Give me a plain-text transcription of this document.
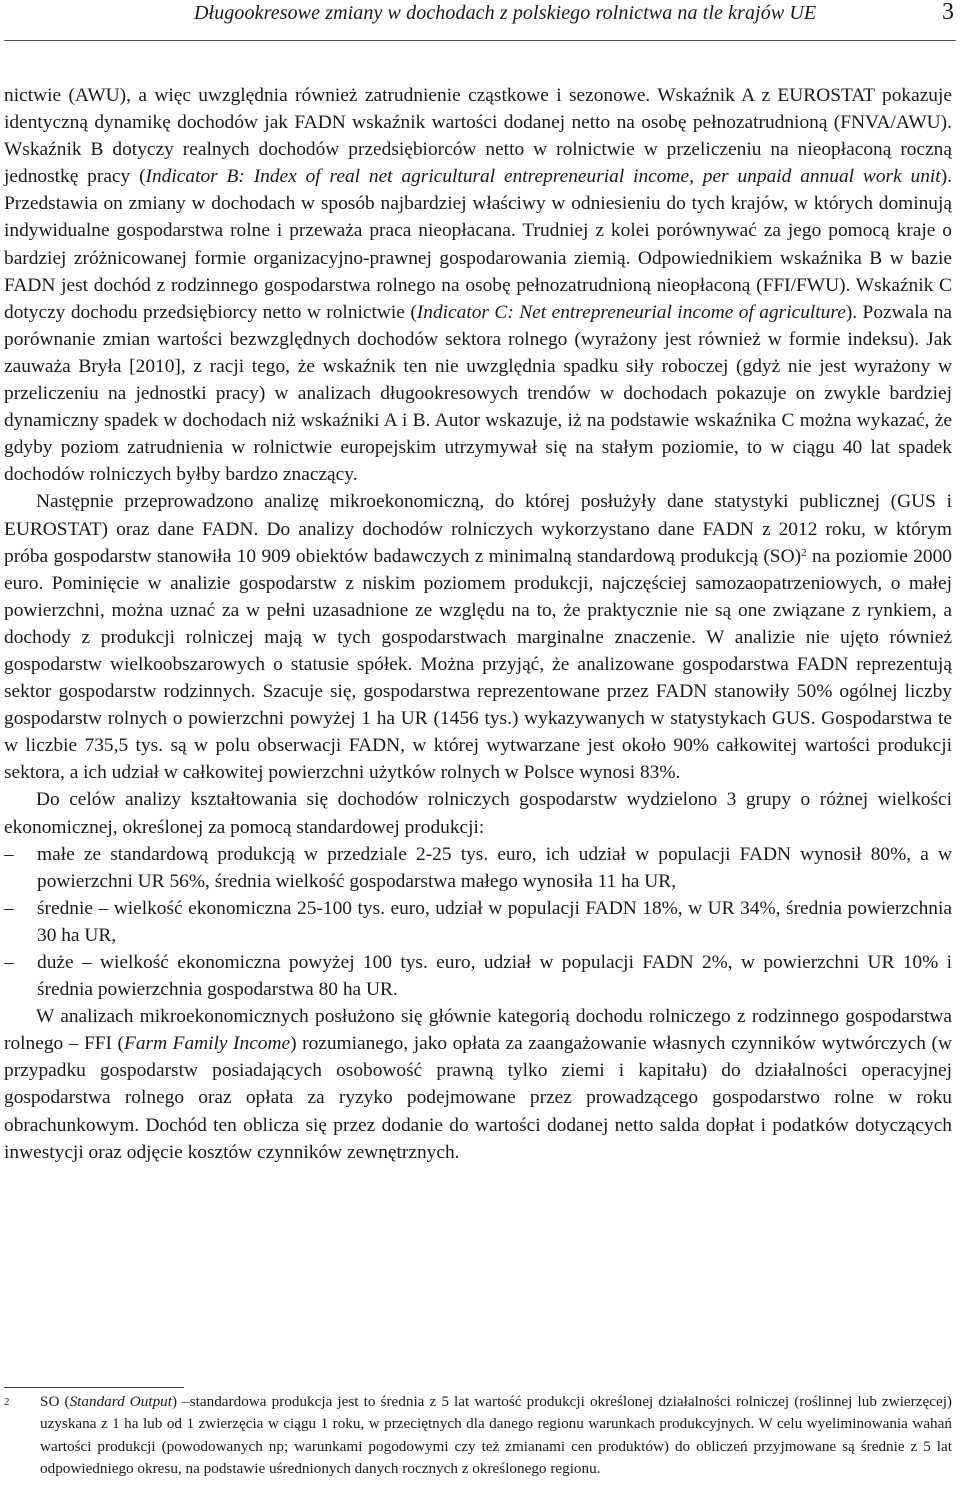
Długookresowe zmiany w dochodach z polskiego rolnictwa na tle krajów UE	3

nictwie (AWU), a więc uwzględnia również zatrudnienie cząstkowe i sezonowe. Wskaźnik A z EUROSTAT pokazuje identyczną dynamikę dochodów jak FADN wskaźnik wartości dodanej netto na osobę pełnozatrudnioną (FNVA/AWU). Wskaźnik B dotyczy realnych dochodów przedsiębiorców netto w rolnictwie w przeliczeniu na nieopłaconą roczną jednostkę pracy (Indicator B: Index of real net agricultural entrepreneurial income, per unpaid annual work unit). Przedstawia on zmiany w dochodach w sposób najbardziej właściwy w odniesieniu do tych krajów, w których dominują indywidualne gospodarstwa rolne i przeważa praca nieopłacana. Trudniej z kolei porównywać za jego pomocą kraje o bardziej zróżnicowanej formie organizacyjno-prawnej gospodarowania ziemią. Odpowiednikiem wskaźnika B w bazie FADN jest dochód z rodzinnego gospodarstwa rolnego na osobę pełnozatrudnioną nieopłaconą (FFI/FWU). Wskaźnik C dotyczy dochodu przedsiębiorcy netto w rolnictwie (Indicator C: Net entrepreneurial income of agriculture). Pozwala na porównanie zmian wartości bezwzględnych dochodów sektora rolnego (wyrażony jest również w formie indeksu). Jak zauważa Bryła [2010], z racji tego, że wskaźnik ten nie uwzględnia spadku siły roboczej (gdyż nie jest wyrażony w przeliczeniu na jednostki pracy) w analizach długookresowych trendów w dochodach pokazuje on zwykle bardziej dynamiczny spadek w dochodach niż wskaźniki A i B. Autor wskazuje, iż na podstawie wskaźnika C można wykazać, że gdyby poziom zatrudnienia w rolnictwie europejskim utrzymywał się na stałym poziomie, to w ciągu 40 lat spadek dochodów rolniczych byłby bardzo znaczący.

Następnie przeprowadzono analizę mikroekonomiczną, do której posłużyły dane statystyki publicznej (GUS i EUROSTAT) oraz dane FADN. Do analizy dochodów rolniczych wykorzystano dane FADN z 2012 roku, w którym próba gospodarstw stanowiła 10 909 obiektów badawczych z minimalną standardową produkcją (SO)$^2$ na poziomie 2000 euro. Pominięcie w analizie gospodarstw z niskim poziomem produkcji, najczęściej samozaopatrzeniowych, o małej powierzchni, można uznać za w pełni uzasadnione ze względu na to, że praktycznie nie są one związane z rynkiem, a dochody z produkcji rolniczej mają w tych gospodarstwach marginalne znaczenie. W analizie nie ujęto również gospodarstw wielkoobszarowych o statusie spółek. Można przyjąć, że analizowane gospodarstwa FADN reprezentują sektor gospodarstw rodzinnych. Szacuje się, gospodarstwa reprezentowane przez FADN stanowiły 50% ogólnej liczby gospodarstw rolnych o powierzchni powyżej 1 ha UR (1456 tys.) wykazywanych w statystykach GUS. Gospodarstwa te w liczbie 735,5 tys. są w polu obserwacji FADN, w której wytwarzane jest około 90% całkowitej wartości produkcji sektora, a ich udział w całkowitej powierzchni użytków rolnych w Polsce wynosi 83%.

Do celów analizy kształtowania się dochodów rolniczych gospodarstw wydzielono 3 grupy o różnej wielkości ekonomicznej, określonej za pomocą standardowej produkcji:

– małe ze standardową produkcją w przedziale 2-25 tys. euro, ich udział w populacji FADN wynosił 80%, a w powierzchni UR 56%, średnia wielkość gospodarstwa małego wynosiła 11 ha UR,
– średnie – wielkość ekonomiczna 25-100 tys. euro, udział w populacji FADN 18%, w UR 34%, średnia powierzchnia 30 ha UR,
– duże – wielkość ekonomiczna powyżej 100 tys. euro, udział w populacji FADN 2%, w powierzchni UR 10% i średnia powierzchnia gospodarstwa 80 ha UR.

W analizach mikroekonomicznych posłużono się głównie kategorią dochodu rolniczego z rodzinnego gospodarstwa rolnego – FFI (Farm Family Income) rozumianego, jako opłata za zaangażowanie własnych czynników wytwórczych (w przypadku gospodarstw posiadających osobowość prawną tylko ziemi i kapitału) do działalności operacyjnej gospodarstwa rolnego oraz opłata za ryzyko podejmowane przez prowadzącego gospodarstwo rolne w roku obrachunkowym. Dochód ten oblicza się przez dodanie do wartości dodanej netto salda dopłat i podatków dotyczących inwestycji oraz odjęcie kosztów czynników zewnętrznych.

2 SO (Standard Output) –standardowa produkcja jest to średnia z 5 lat wartość produkcji określonej działalności rolniczej (roślinnej lub zwierzęcej) uzyskana z 1 ha lub od 1 zwierzęcia w ciągu 1 roku, w przeciętnych dla danego regionu warunkach produkcyjnych. W celu wyeliminowania wahań wartości produkcji (powodowanych np; warunkami pogodowymi czy też zmianami cen produktów) do obliczeń przyjmowane są średnie z 5 lat odpowiedniego okresu, na podstawie uśrednionych danych rocznych z określonego regionu.
